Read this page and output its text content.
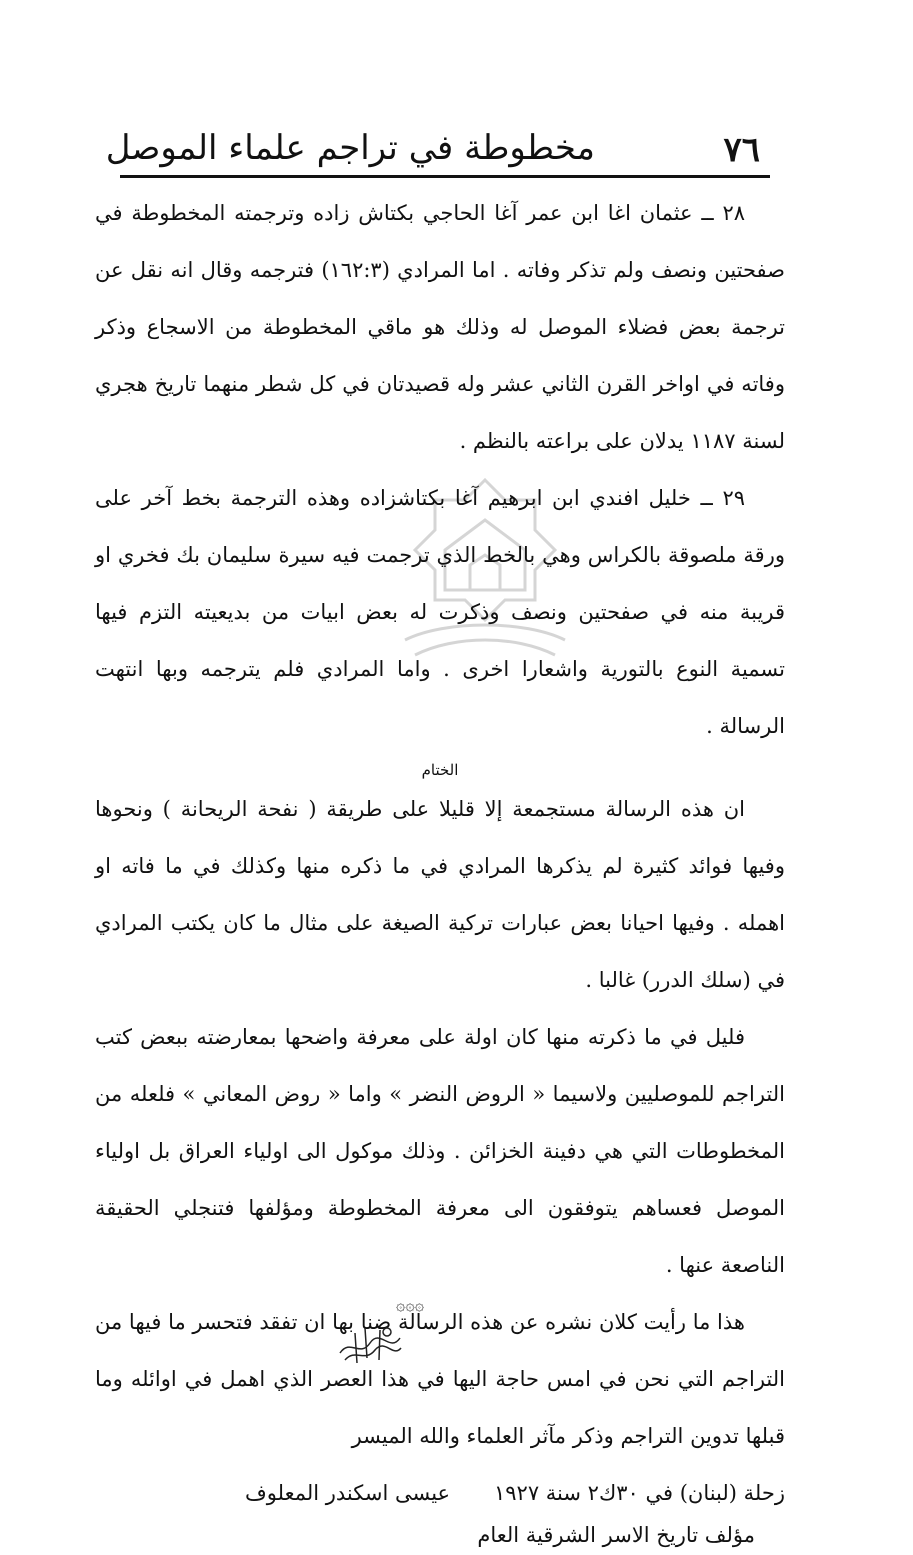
٧٦
مخطوطة في تراجم علماء الموصل

٢٨ ــ عثمان اغا ابن عمر آغا الحاجي بكتاش زاده وترجمته المخطوطة في صفحتين ونصف ولم تذكر وفاته . اما المرادي (١٦٢:٣) فترجمه وقال انه نقل عن ترجمة بعض فضلاء الموصل له وذلك هو ماقي المخطوطة من الاسجاع وذكر وفاته في اواخر القرن الثاني عشر وله قصيدتان في كل شطر منهما تاريخ هجري لسنة ١١٨٧ يدلان على براعته بالنظم .

٢٩ ــ خليل افندي ابن ابرهيم آغا بكتاشزاده وهذه الترجمة بخط آخر على ورقة ملصوقة بالكراس وهي بالخط الذي ترجمت فيه سيرة سليمان بك فخري او قريبة منه في صفحتين ونصف وذكرت له بعض ابيات من بديعيته التزم فيها تسمية النوع بالتورية واشعارا اخرى . واما المرادي فلم يترجمه وبها انتهت الرسالة .

الختام

ان هذه الرسالة مستجمعة إلا قليلا على طريقة ( نفحة الريحانة ) ونحوها وفيها فوائد كثيرة لم يذكرها المرادي في ما ذكره منها وكذلك في ما فاته او اهمله . وفيها احيانا بعض عبارات تركية الصيغة على مثال ما كان يكتب المرادي في (سلك الدرر) غالبا .

فليل في ما ذكرته منها كان اولة على معرفة واضحها بمعارضته ببعض كتب التراجم للموصليين ولاسيما « الروض النضر » واما « روض المعاني » فلعله من المخطوطات التي هي دفينة الخزائن . وذلك موكول الى اولياء العراق بل اولياء الموصل فعساهم يتوفقون الى معرفة المخطوطة ومؤلفها فتنجلي الحقيقة الناصعة عنها .

هذا ما رأيت كلان نشره عن هذه الرسالة ضنا بها ان تفقد فتحسر ما فيها من التراجم التي نحن في امس حاجة اليها في هذا العصر الذي اهمل في اوائله وما قبلها تدوين التراجم وذكر مآثر العلماء والله الميسر

زحلة (لبنان) في ٣٠ك٢ سنة ١٩٢٧
عيسى اسكندر المعلوف
مؤلف تاريخ الاسر الشرقية العام
۞۞۞
